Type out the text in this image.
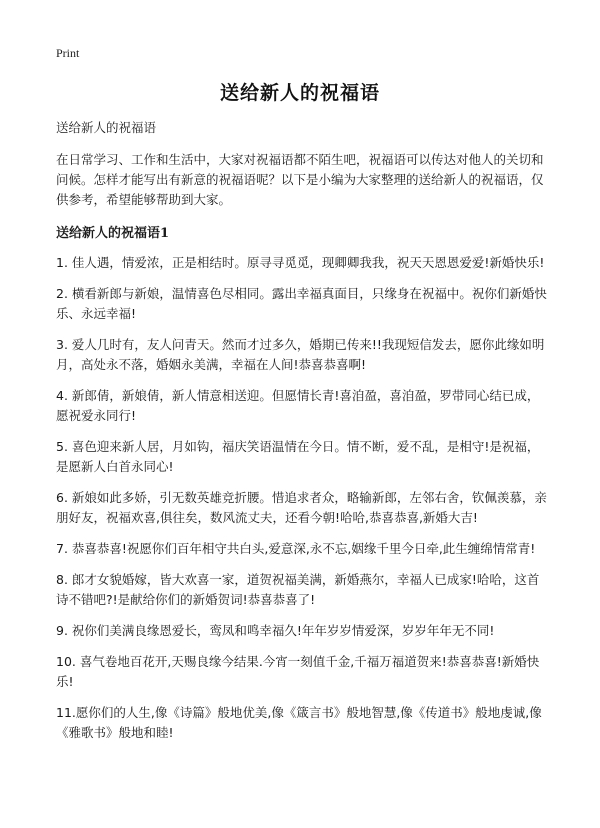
Print
送给新人的祝福语

送给新人的祝福语

在日常学习、工作和生活中，大家对祝福语都不陌生吧，祝福语可以传达对他人的关切和问候。怎样才能写出有新意的祝福语呢？以下是小编为大家整理的送给新人的祝福语，仅供参考，希望能够帮助到大家。

送给新人的祝福语1

1. 佳人遇，情爱浓，正是相结时。原寻寻觅觅，现卿卿我我，祝天天恩恩爱爱!新婚快乐!

2. 横看新郎与新娘，温情喜色尽相同。露出幸福真面目，只缘身在祝福中。祝你们新婚快乐、永远幸福!

3. 爱人几时有，友人问青天。然而才过多久，婚期已传来!!我现短信发去，愿你此缘如明月，高处永不落，婚姻永美满，幸福在人间!恭喜恭喜啊!

4. 新郎倩，新娘倩，新人情意相送迎。但愿情长青!喜洎盈，喜洎盈，罗带同心结已成，愿祝爱永同行!

5. 喜色迎来新人居，月如钩，福庆笑语温情在今日。情不断，爱不乱，是相守!是祝福，是愿新人白首永同心!

6. 新娘如此多娇，引无数英雄竞折腰。惜追求者众，略输新郎，左邻右舍，钦佩羡慕，亲朋好友，祝福欢喜,俱往矣，数风流丈夫，还看今朝!哈哈,恭喜恭喜,新婚大吉!

7. 恭喜恭喜!祝愿你们百年相守共白头,爱意深,永不忘,姻缘千里今日牵,此生缠绵情常青!

8. 郎才女貌婚嫁，皆大欢喜一家，道贺祝福美满，新婚燕尔，幸福人已成家!哈哈，这首诗不错吧?!是献给你们的新婚贺词!恭喜恭喜了!

9. 祝你们美满良缘恩爱长，鸾凤和鸣幸福久!年年岁岁情爱深，岁岁年年无不同!

10. 喜气卷地百花开,天赐良缘今结果.今宵一刻值千金,千福万福道贺来!恭喜恭喜!新婚快乐!

11.愿你们的人生,像《诗篇》般地优美,像《箴言书》般地智慧,像《传道书》般地虔诚,像《雅歌书》般地和睦!
